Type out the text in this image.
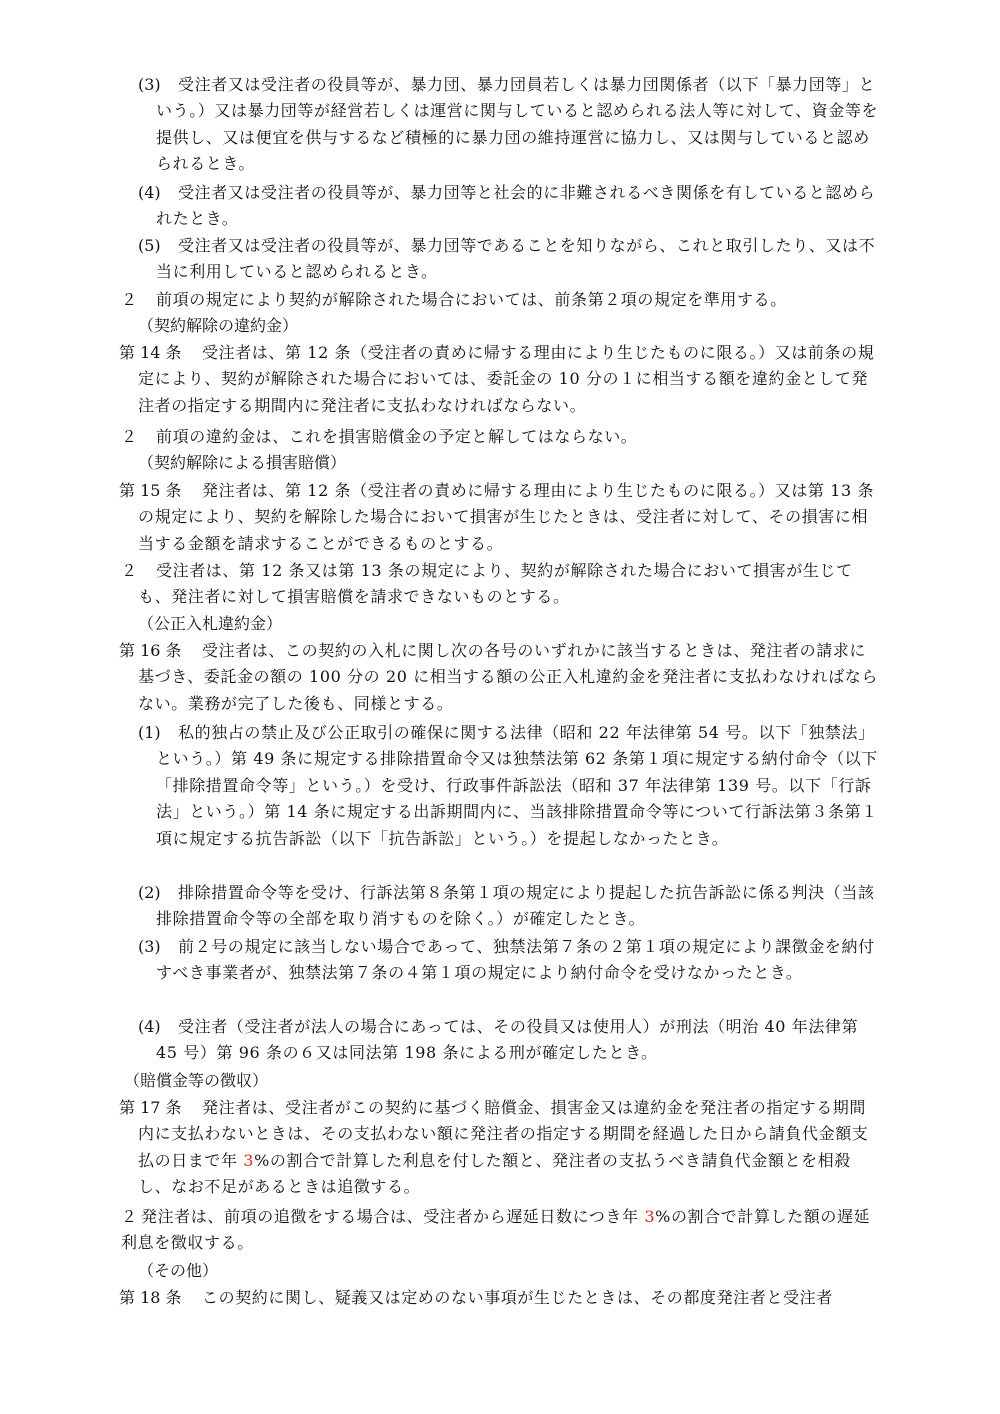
(3)	受注者又は受注者の役員等が、暴力団、暴力団員若しくは暴力団関係者（以下「暴力団等」という。）又は暴力団等が経営若しくは運営に関与していると認められる法人等に対して、資金等を提供し、又は便宜を供与するなど積極的に暴力団の維持運営に協力し、又は関与していると認められるとき。

(4)	受注者又は受注者の役員等が、暴力団等と社会的に非難されるべき関係を有していると認められたとき。

(5)	受注者又は受注者の役員等が、暴力団等であることを知りながら、これと取引したり、又は不当に利用していると認められるとき。

２ 前項の規定により契約が解除された場合においては、前条第２項の規定を準用する。

（契約解除の違約金）
第 14 条	受注者は、第 12 条（受注者の責めに帰する理由により生じたものに限る。）又は前条の規定により、契約が解除された場合においては、委託金の 10 分の１に相当する額を違約金として発注者の指定する期間内に発注者に支払わなければならない。

２ 前項の違約金は、これを損害賠償金の予定と解してはならない。

（契約解除による損害賠償）
第 15 条	発注者は、第 12 条（受注者の責めに帰する理由により生じたものに限る。）又は第 13 条の規定により、契約を解除した場合において損害が生じたときは、受注者に対して、その損害に相当する金額を請求することができるものとする。

２	受注者は、第 12 条又は第 13 条の規定により、契約が解除された場合において損害が生じても、発注者に対して損害賠償を請求できないものとする。

（公正入札違約金）
第 16 条	受注者は、この契約の入札に関し次の各号のいずれかに該当するときは、発注者の請求に基づき、委託金の額の 100 分の 20 に相当する額の公正入札違約金を発注者に支払わなければならない。業務が完了した後も、同様とする。

(1)	私的独占の禁止及び公正取引の確保に関する法律（昭和 22 年法律第 54 号。以下「独禁法」という。）第 49 条に規定する排除措置命令又は独禁法第 62 条第１項に規定する納付命令（以下「排除措置命令等」という。）を受け、行政事件訴訟法（昭和 37 年法律第 139 号。以下「行訴法」という。）第 14 条に規定する出訴期間内に、当該排除措置命令等について行訴法第３条第１項に規定する抗告訴訟（以下「抗告訴訟」という。）を提起しなかったとき。

(2)	排除措置命令等を受け、行訴法第８条第１項の規定により提起した抗告訴訟に係る判決（当該排除措置命令等の全部を取り消すものを除く。）が確定したとき。

(3)	前２号の規定に該当しない場合であって、独禁法第７条の２第１項の規定により課徴金を納付すべき事業者が、独禁法第７条の４第１項の規定により納付命令を受けなかったとき。

(4)	受注者（受注者が法人の場合にあっては、その役員又は使用人）が刑法（明治 40 年法律第 45 号）第 96 条の６又は同法第 198 条による刑が確定したとき。

（賠償金等の徴収）
第 17 条	発注者は、受注者がこの契約に基づく賠償金、損害金又は違約金を発注者の指定する期間内に支払わないときは、その支払わない額に発注者の指定する期間を経過した日から請負代金額支払の日まで年 3%の割合で計算した利息を付した額と、発注者の支払うべき請負代金額とを相殺し、なお不足があるときは追徴する。

２ 発注者は、前項の追徴をする場合は、受注者から遅延日数につき年 3%の割合で計算した額の遅延利息を徴収する。

（その他）
第 18 条	この契約に関し、疑義又は定めのない事項が生じたときは、その都度発注者と受注者
